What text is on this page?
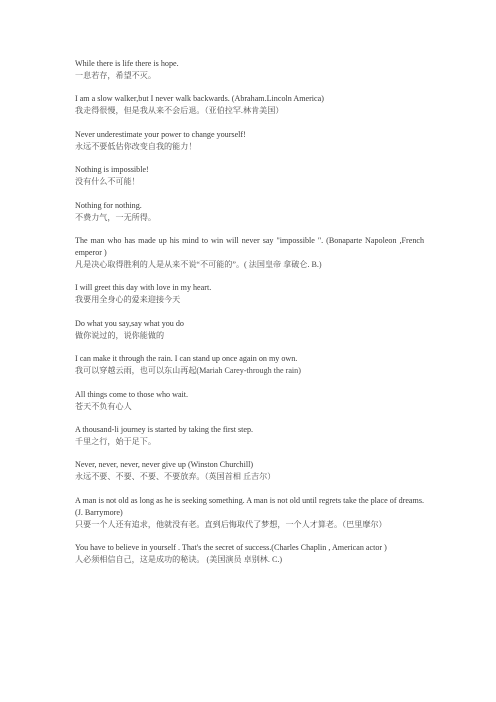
While there is life there is hope.

一息若存，希望不灭。

I am a slow walker,but I never walk backwards. (Abraham.Lincoln America)

我走得很慢，但是我从来不会后退。（亚伯拉罕.林肯美国）

Never underestimate your power to change yourself!

永远不要低估你改变自我的能力！

Nothing is impossible!

没有什么不可能！

Nothing for nothing.

不费力气，一无所得。

The man who has made up his mind to win will never say "impossible ". (Bonaparte Napoleon ,French emperor )

凡是决心取得胜利的人是从来不说“不可能的”。( 法国皇帝 拿破仑. B.)

I will greet this day with love in my heart.

我要用全身心的爱来迎接今天

Do what you say,say what you do

做你说过的，说你能做的

I can make it through the rain. I can stand up once again on my own.

我可以穿越云雨，也可以东山再起(Mariah Carey-through the rain)

All things come to those who wait.

苍天不负有心人

A thousand-li journey is started by taking the first step.

千里之行，始于足下。

Never, never, never, never give up (Winston Churchill)

永远不要、不要、不要、不要放弃。（英国首相 丘吉尔）

A man is not old as long as he is seeking something. A man is not old until regrets take the place of dreams. (J. Barrymore)

只要一个人还有追求，他就没有老。直到后悔取代了梦想，一个人才算老。（巴里摩尔）

You have to believe in yourself . That's the secret of success.(Charles Chaplin , American actor )

人必须相信自己，这是成功的秘诀。 (美国演员 卓别林. C.)
